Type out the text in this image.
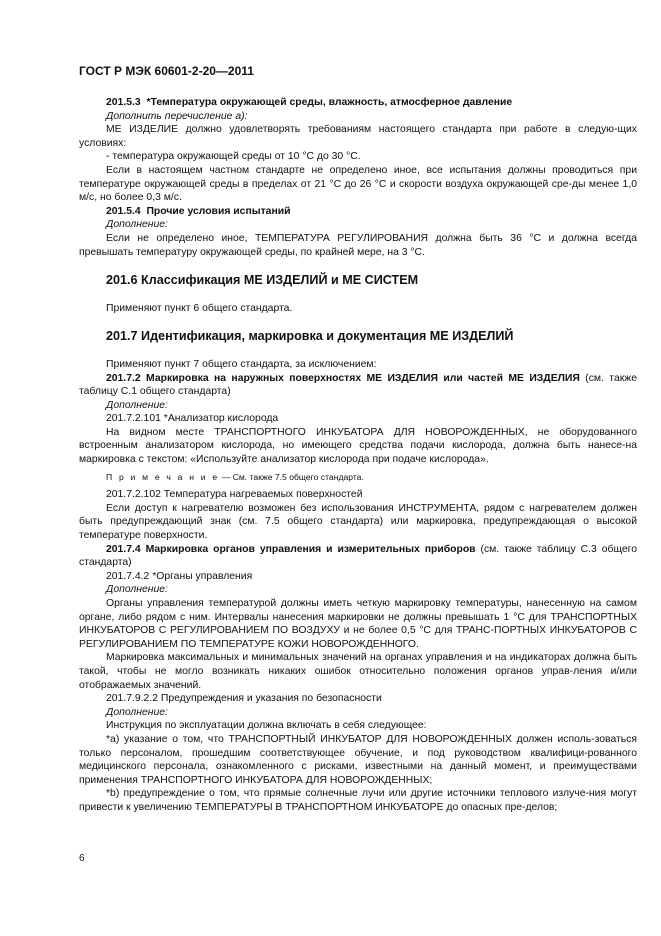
ГОСТ Р МЭК 60601-2-20—2011

201.5.3 *Температура окружающей среды, влажность, атмосферное давление

Дополнить перечисление a):

МЕ ИЗДЕЛИЕ должно удовлетворять требованиям настоящего стандарта при работе в следую-щих условиях:

- температура окружающей среды от 10 °C до 30 °C.

Если в настоящем частном стандарте не определено иное, все испытания должны проводиться при температуре окружающей среды в пределах от 21 °C до 26 °C и скорости воздуха окружающей сре-ды менее 1,0 м/с, но более 0,3 м/с.

201.5.4 Прочие условия испытаний

Дополнение:

Если не определено иное, ТЕМПЕРАТУРА РЕГУЛИРОВАНИЯ должна быть 36 °C и должна всегда превышать температуру окружающей среды, по крайней мере, на 3 °C.

201.6 Классификация МЕ ИЗДЕЛИЙ и МЕ СИСТЕМ

Применяют пункт 6 общего стандарта.

201.7 Идентификация, маркировка и документация МЕ ИЗДЕЛИЙ

Применяют пункт 7 общего стандарта, за исключением:

201.7.2 Маркировка на наружных поверхностях МЕ ИЗДЕЛИЯ или частей МЕ ИЗДЕЛИЯ (см. также таблицу С.1 общего стандарта)

Дополнение:

201.7.2.101 *Анализатор кислорода

На видном месте ТРАНСПОРТНОГО ИНКУБАТОРА ДЛЯ НОВОРОЖДЕННЫХ, не оборудованного встроенным анализатором кислорода, но имеющего средства подачи кислорода, должна быть нанесе-на маркировка с текстом: «Используйте анализатор кислорода при подаче кислорода».

П р и м е ч а н и е — См. также 7.5 общего стандарта.

201.7.2.102 Температура нагреваемых поверхностей

Если доступ к нагревателю возможен без использования ИНСТРУМЕНТА, рядом с нагревателем должен быть предупреждающий знак (см. 7.5 общего стандарта) или маркировка, предупреждающая о высокой температуре поверхности.

201.7.4 Маркировка органов управления и измерительных приборов (см. также таблицу С.3 общего стандарта)

201.7.4.2 *Органы управления

Дополнение:

Органы управления температурой должны иметь четкую маркировку температуры, нанесенную на самом органе, либо рядом с ним. Интервалы нанесения маркировки не должны превышать 1 °C для ТРАНСПОРТНЫХ ИНКУБАТОРОВ С РЕГУЛИРОВАНИЕМ ПО ВОЗДУХУ и не более 0,5 °C для ТРАНС-ПОРТНЫХ ИНКУБАТОРОВ С РЕГУЛИРОВАНИЕМ ПО ТЕМПЕРАТУРЕ КОЖИ НОВОРОЖДЕННОГО.

Маркировка максимальных и минимальных значений на органах управления и на индикаторах должна быть такой, чтобы не могло возникать никаких ошибок относительно положения органов управ-ления и/или отображаемых значений.

201.7.9.2.2 Предупреждения и указания по безопасности

Дополнение:

Инструкция по эксплуатации должна включать в себя следующее:

*a) указание о том, что ТРАНСПОРТНЫЙ ИНКУБАТОР ДЛЯ НОВОРОЖДЕННЫХ должен исполь-зоваться только персоналом, прошедшим соответствующее обучение, и под руководством квалифици-рованного медицинского персонала, ознакомленного с рисками, известными на данный момент, и преимуществами применения ТРАНСПОРТНОГО ИНКУБАТОРА ДЛЯ НОВОРОЖДЕННЫХ;

*b) предупреждение о том, что прямые солнечные лучи или другие источники теплового излуче-ния могут привести к увеличению ТЕМПЕРАТУРЫ В ТРАНСПОРТНОМ ИНКУБАТОРЕ до опасных пре-делов;

6
